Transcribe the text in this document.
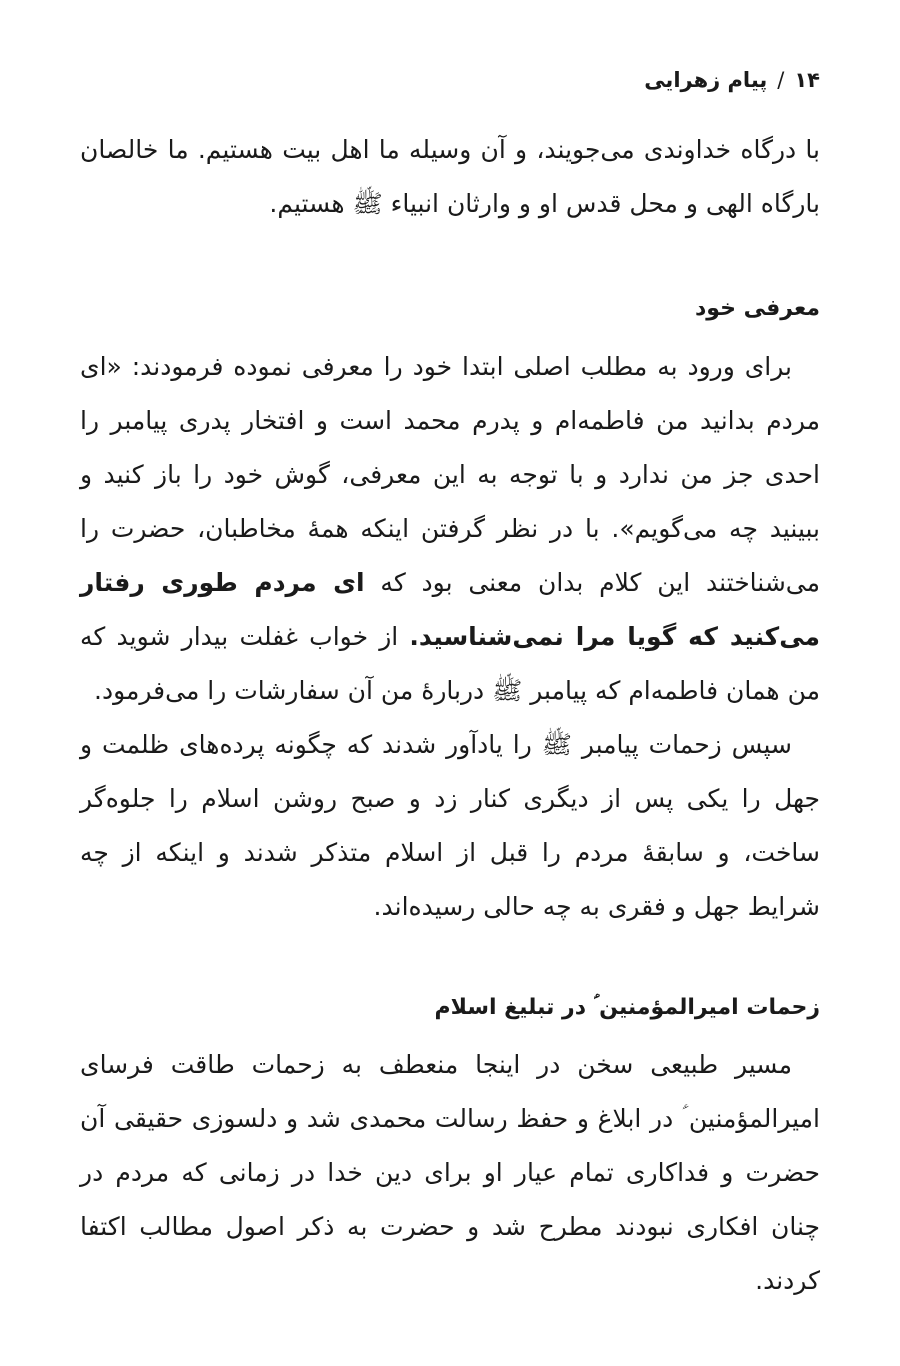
۱۴/پیام زهرایی

با درگاه خداوندی می‌جویند، و آن وسیله ما اهل بیت هستیم. ما خالصان بارگاه الهی و محل قدس او و وارثان انبیاء ﷺ هستیم.

معرفی خود

برای ورود به مطلب اصلی ابتدا خود را معرفی نموده فرمودند: «ای مردم بدانید من فاطمه‌ام و پدرم محمد است و افتخار پدری پیامبر را احدی جز من ندارد و با توجه به این معرفی، گوش خود را باز کنید و ببینید چه می‌گویم». با در نظر گرفتن اینکه همهٔ مخاطبان، حضرت را می‌شناختند این کلام بدان معنی بود که ای مردم طوری رفتار می‌کنید که گویا مرا نمی‌شناسید. از خواب غفلت بیدار شوید که من همان فاطمه‌ام که پیامبر ﷺ دربارهٔ من آن سفارشات را می‌فرمود.

سپس زحمات پیامبر ﷺ را یادآور شدند که چگونه پرده‌های ظلمت و جهل را یکی پس از دیگری کنار زد و صبح روشن اسلام را جلوه‌گر ساخت، و سابقهٔ مردم را قبل از اسلام متذکر شدند و اینکه از چه شرایط جهل و فقری به چه حالی رسیده‌اند.

زحمات امیرالمؤمنین ؑ در تبلیغ اسلام

مسیر طبیعی سخن در اینجا منعطف به زحمات طاقت فرسای امیرالمؤمنین ؑ در ابلاغ و حفظ رسالت محمدی شد و دلسوزی حقیقی آن حضرت و فداکاری تمام عیار او برای دین خدا در زمانی که مردم در چنان افکاری نبودند مطرح شد و حضرت به ذکر اصول مطالب اکتفا کردند.
